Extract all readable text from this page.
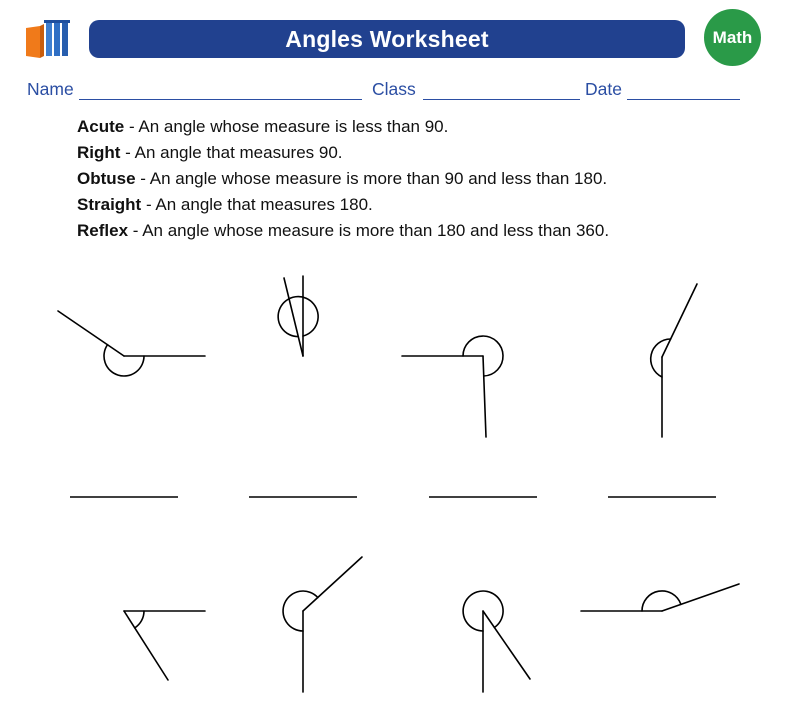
Angles Worksheet	Math
Name	Class	Date
Acute - An angle whose measure is less than 90.
Right - An angle that measures 90.
Obtuse - An angle whose measure is more than 90 and less than 180.
Straight - An angle that measures 180.
Reflex - An angle whose measure is more than 180 and less than 360.
